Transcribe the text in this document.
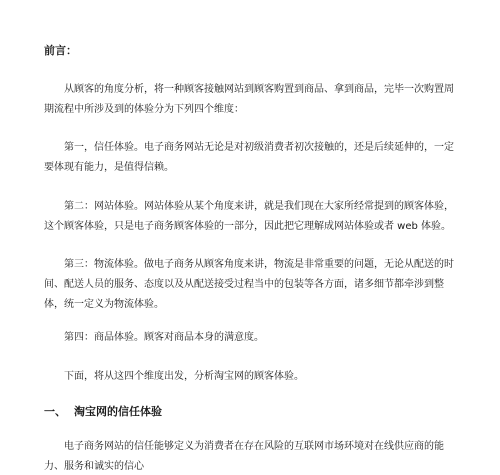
前言：

从顾客的角度分析，将一种顾客接触网站到顾客购置到商品、拿到商品，完毕一次购置周期流程中所涉及到的体验分为下列四个维度：

第一，信任体验。电子商务网站无论是对初级消费者初次接触的，还是后续延伸的，一定要体现有能力，是值得信赖。

第二：网站体验。网站体验从某个角度来讲，就是我们现在大家所经常提到的顾客体验，这个顾客体验，只是电子商务顾客体验的一部分，因此把它理解成网站体验或者 web 体验。

第三：物流体验。做电子商务从顾客角度来讲，物流是非常重要的问题，无论从配送的时间、配送人员的服务、态度以及从配送接受过程当中的包装等各方面，诸多细节都牵涉到整体，统一定义为物流体验。

第四：商品体验。顾客对商品本身的满意度。

下面，将从这四个维度出发，分析淘宝网的顾客体验。

一、 淘宝网的信任体验

电子商务网站的信任能够定义为消费者在存在风险的互联网市场环境对在线供应商的能力、服务和诚实的信心
